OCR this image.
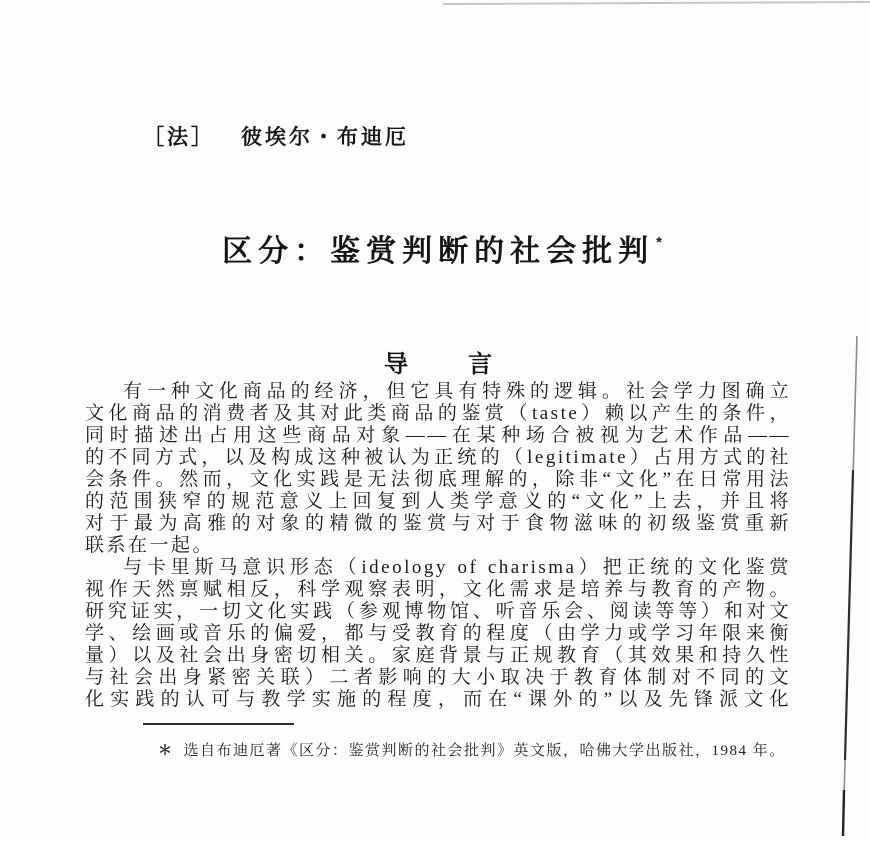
［法］ 彼埃尔・布迪厄
区分：鉴赏判断的社会批判 *
导　　言
有一种文化商品的经济，但它具有特殊的逻辑。社会学力图确立
文化商品的消费者及其对此类商品的鉴赏（taste）赖以产生的条件，
同时描述出占用这些商品对象——在某种场合被视为艺术作品——
的不同方式，以及构成这种被认为正统的（legitimate）占用方式的社
会条件。然而，文化实践是无法彻底理解的，除非“文化”在日常用法
的范围狭窄的规范意义上回复到人类学意义的“文化”上去，并且将
对于最为高雅的对象的精微的鉴赏与对于食物滋味的初级鉴赏重新
联系在一起。
与卡里斯马意识形态（ideology of charisma）把正统的文化鉴赏
视作天然禀赋相反，科学观察表明，文化需求是培养与教育的产物。
研究证实，一切文化实践（参观博物馆、听音乐会、阅读等等）和对文
学、绘画或音乐的偏爱，都与受教育的程度（由学力或学习年限来衡
量）以及社会出身密切相关。家庭背景与正规教育（其效果和持久性
与社会出身紧密关联）二者影响的大小取决于教育体制对不同的文
化实践的认可与教学实施的程度，而在“课外的”以及先锋派文化
＊ 选自布迪厄著《区分：鉴赏判断的社会批判》英文版，哈佛大学出版社，1984 年。
